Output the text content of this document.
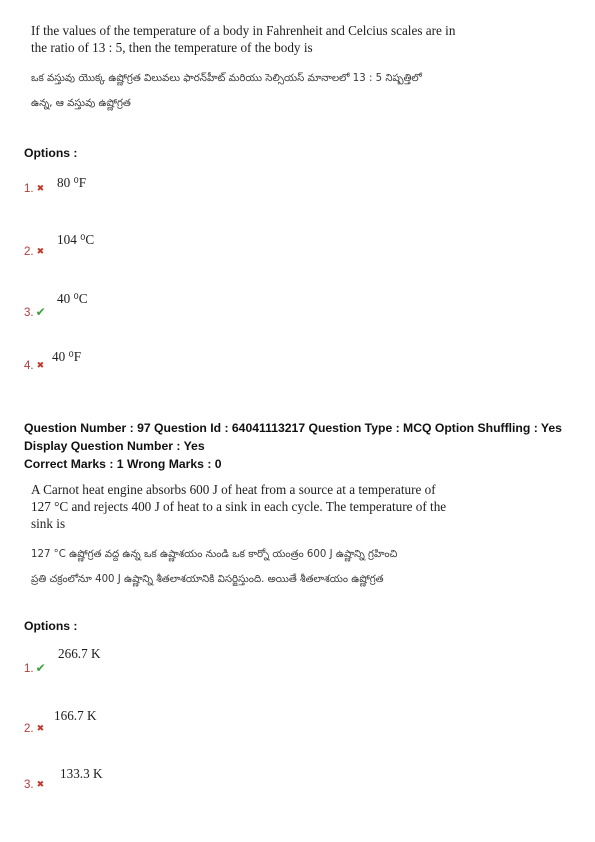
If the values of the temperature of a body in Fahrenheit and Celcius scales are in the ratio of 13 : 5, then the temperature of the body is
ఒక వస్తువు యొక్క ఉష్ణోగ్రత విలువలు ఫారన్‌హీట్ మరియు సెల్సియస్ మానాలలో 13 : 5 నిష్పత్తిలో
ఉన్న, ఆ వస్తువు ఉష్ణోగ్రత
Options :
1. ✖ 80 ⁰F
2. ✖
104 ⁰C
3. ✔
40 ⁰C
4. ✖
40 ⁰F
Question Number : 97 Question Id : 64041113217 Question Type : MCQ Option Shuffling : Yes
Display Question Number : Yes
Correct Marks : 1 Wrong Marks : 0
A Carnot heat engine absorbs 600 J of heat from a source at a temperature of 127 °C and rejects 400 J of heat to a sink in each cycle. The temperature of the sink is
127 °C ఉష్ణోగ్రత వద్ద ఉన్న ఒక ఉష్ణాశయం నుండి ఒక కార్నో యంత్రం 600 J ఉష్ణాన్ని గ్రహించి
ప్రతి చక్రంలోనూ 400 J ఉష్ణాన్ని శీతలాశయానికి విసర్జిస్తుంది. అయితే శీతలాశయం ఉష్ణోగ్రత
Options :
1. ✔
266.7 K
2. ✖
166.7 K
3. ✖
133.3 K
